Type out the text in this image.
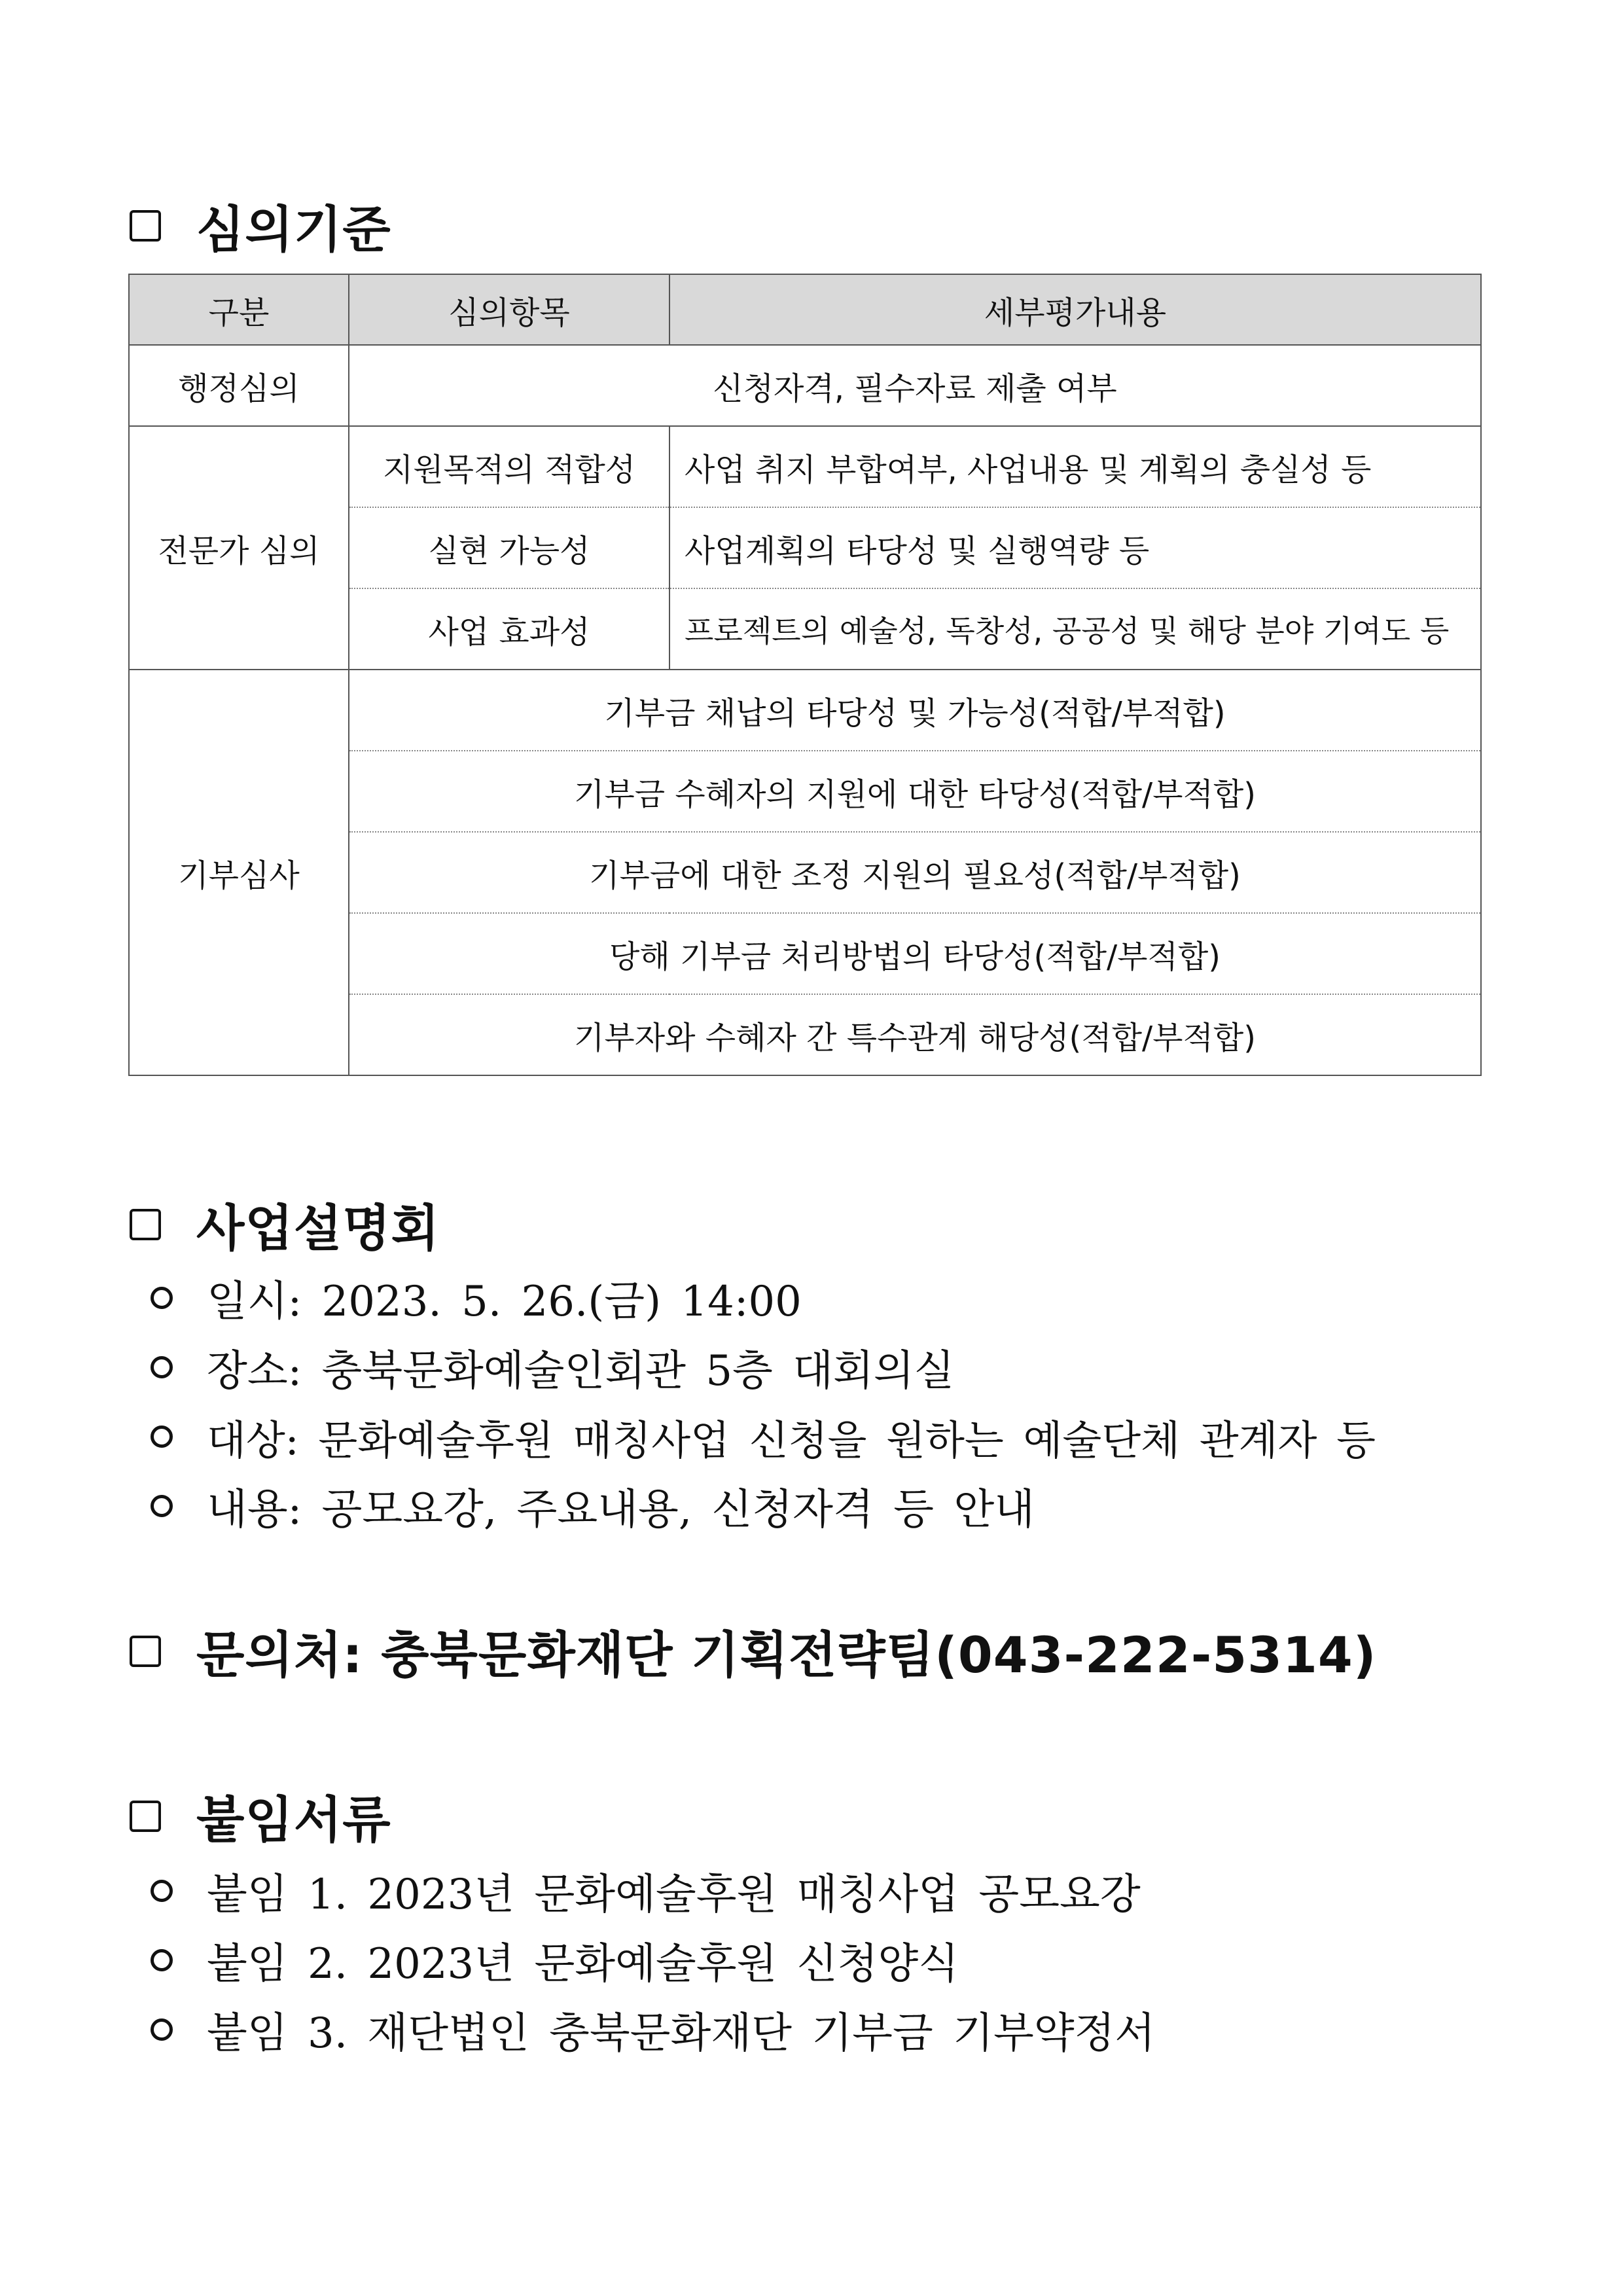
심의기준
구분	심의항목	세부평가내용
행정심의	신청자격, 필수자료 제출 여부	
전문가 심의	지원목적의 적합성	사업 취지 부합여부, 사업내용 및 계획의 충실성 등
	실현 가능성	사업계획의 타당성 및 실행역량 등
	사업 효과성	프로젝트의 예술성, 독창성, 공공성 및 해당 분야 기여도 등
기부심사	기부금 채납의 타당성 및 가능성(적합/부적합)	
	기부금 수혜자의 지원에 대한 타당성(적합/부적합)	
	기부금에 대한 조정 지원의 필요성(적합/부적합)	
	당해 기부금 처리방법의 타당성(적합/부적합)	
	기부자와 수혜자 간 특수관계 해당성(적합/부적합)	
사업설명회
일시: 2023. 5. 26.(금) 14:00
장소: 충북문화예술인회관 5층 대회의실
대상: 문화예술후원 매칭사업 신청을 원하는 예술단체 관계자 등
내용: 공모요강, 주요내용, 신청자격 등 안내
문의처: 충북문화재단 기획전략팀(043-222-5314)
붙임서류
붙임 1. 2023년 문화예술후원 매칭사업 공모요강
붙임 2. 2023년 문화예술후원 신청양식
붙임 3. 재단법인 충북문화재단 기부금 기부약정서
